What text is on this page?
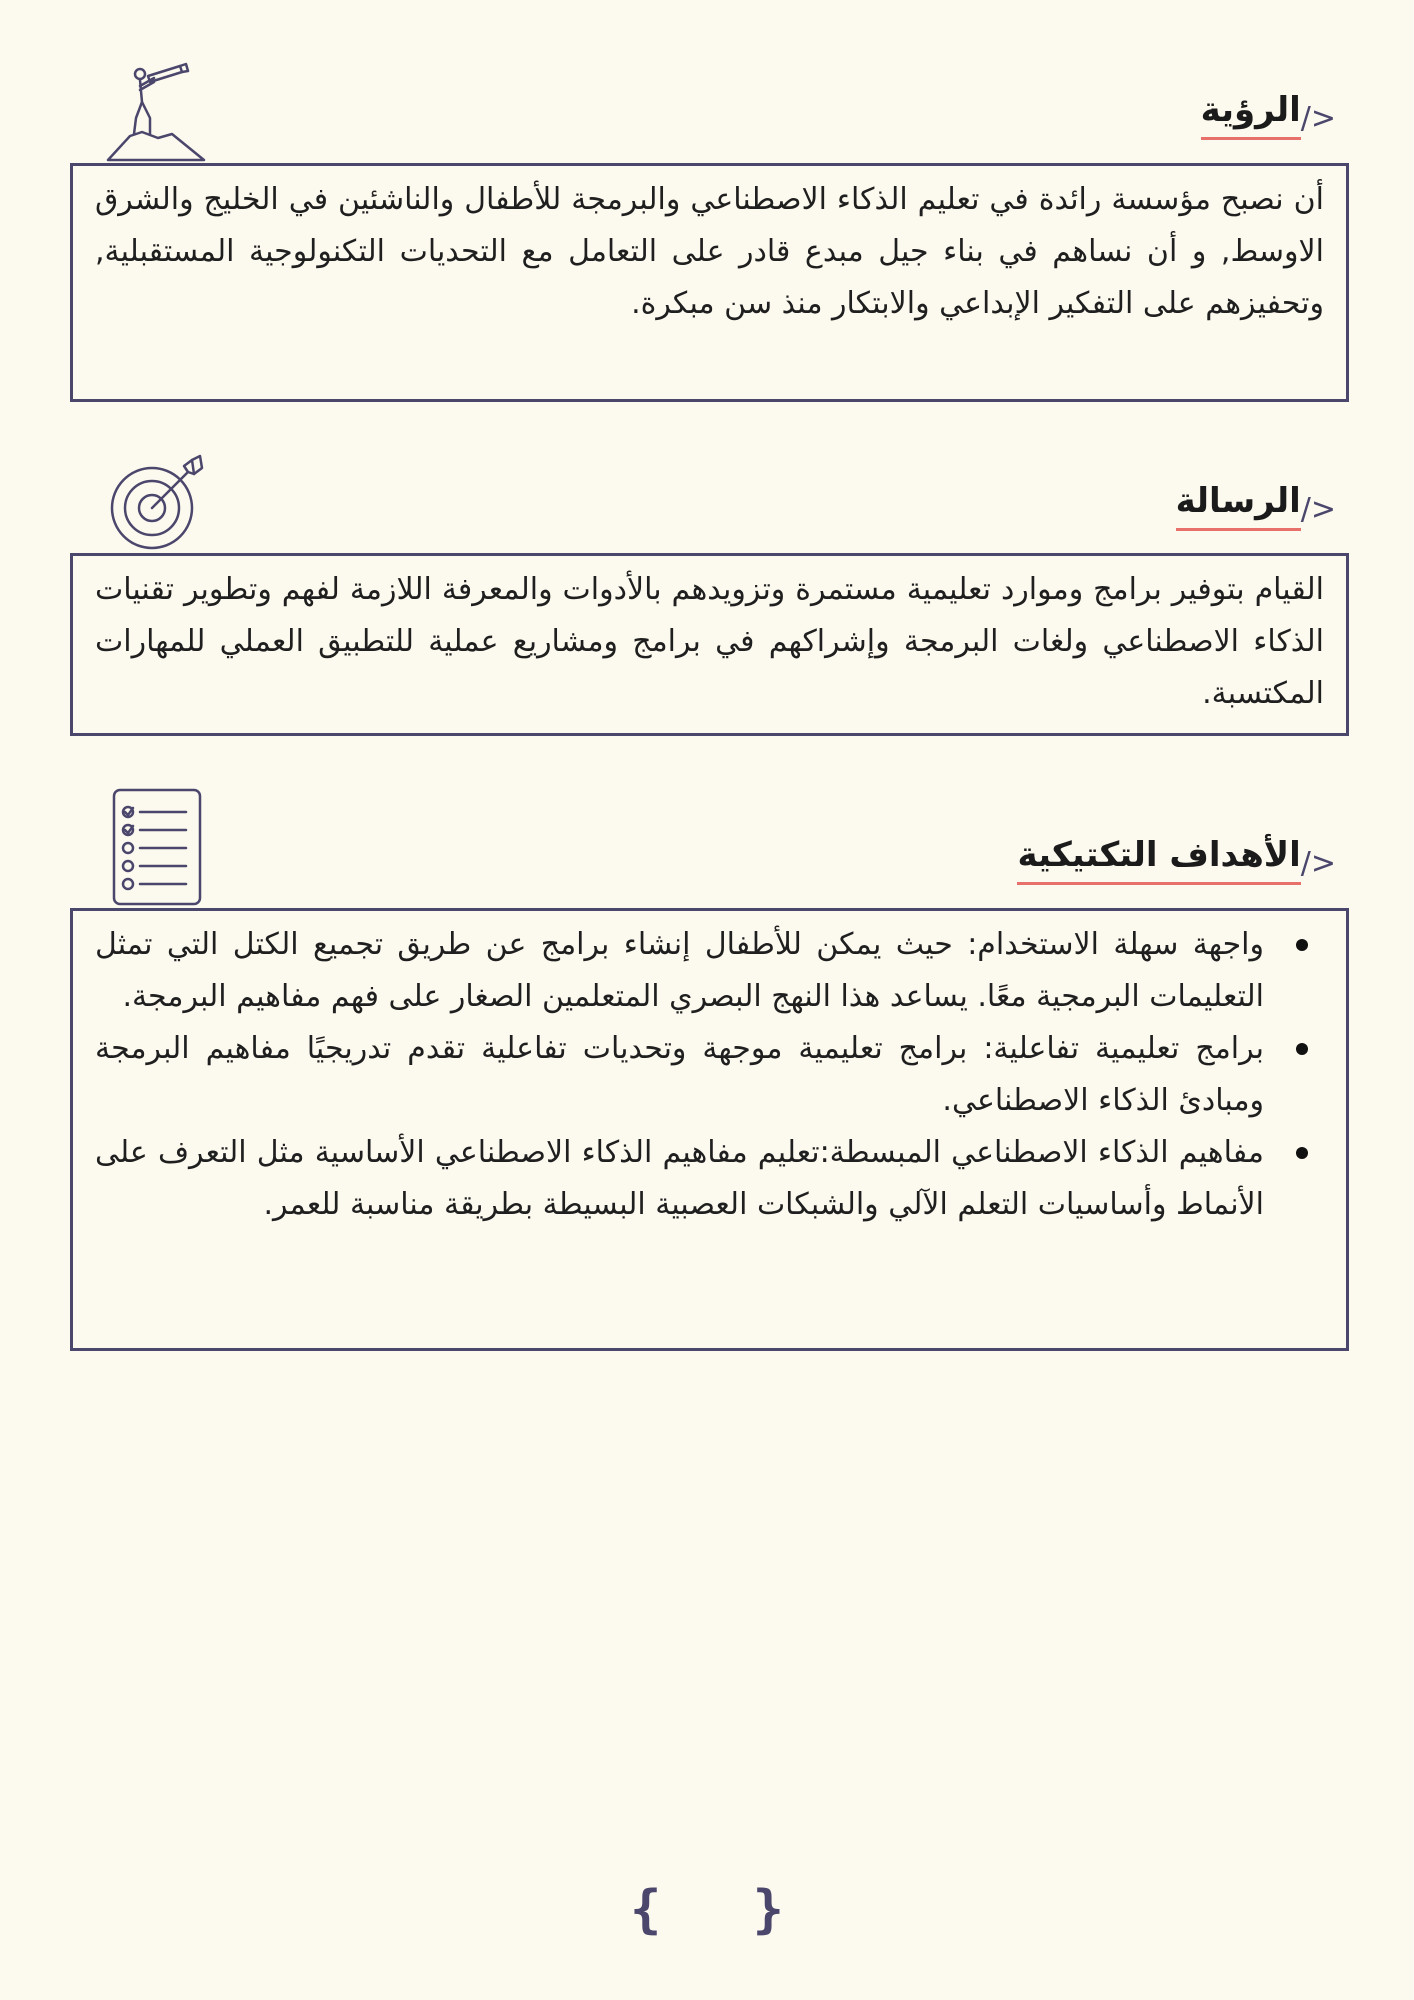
/>
الرؤية

أن نصبح مؤسسة رائدة في تعليم الذكاء الاصطناعي والبرمجة للأطفال والناشئين في الخليج والشرق الاوسط, و أن نساهم في بناء جيل مبدع قادر على التعامل مع التحديات التكنولوجية المستقبلية, وتحفيزهم على التفكير الإبداعي والابتكار منذ سن مبكرة.

/>
الرسالة

القيام بتوفير برامج وموارد تعليمية مستمرة وتزويدهم بالأدوات والمعرفة اللازمة لفهم وتطوير تقنيات الذكاء الاصطناعي ولغات البرمجة وإشراكهم في برامج ومشاريع عملية للتطبيق العملي للمهارات المكتسبة.

/>
الأهداف التكتيكية
واجهة سهلة الاستخدام: حيث يمكن للأطفال إنشاء برامج عن طريق تجميع الكتل التي تمثل التعليمات البرمجية معًا. يساعد هذا النهج البصري المتعلمين الصغار على فهم مفاهيم البرمجة.
برامج تعليمية تفاعلية: برامج تعليمية موجهة وتحديات تفاعلية تقدم تدريجيًا مفاهيم البرمجة ومبادئ الذكاء الاصطناعي.
مفاهيم الذكاء الاصطناعي المبسطة:تعليم مفاهيم الذكاء الاصطناعي الأساسية مثل التعرف على الأنماط وأساسيات التعلم الآلي والشبكات العصبية البسيطة بطريقة مناسبة للعمر.
{ }
